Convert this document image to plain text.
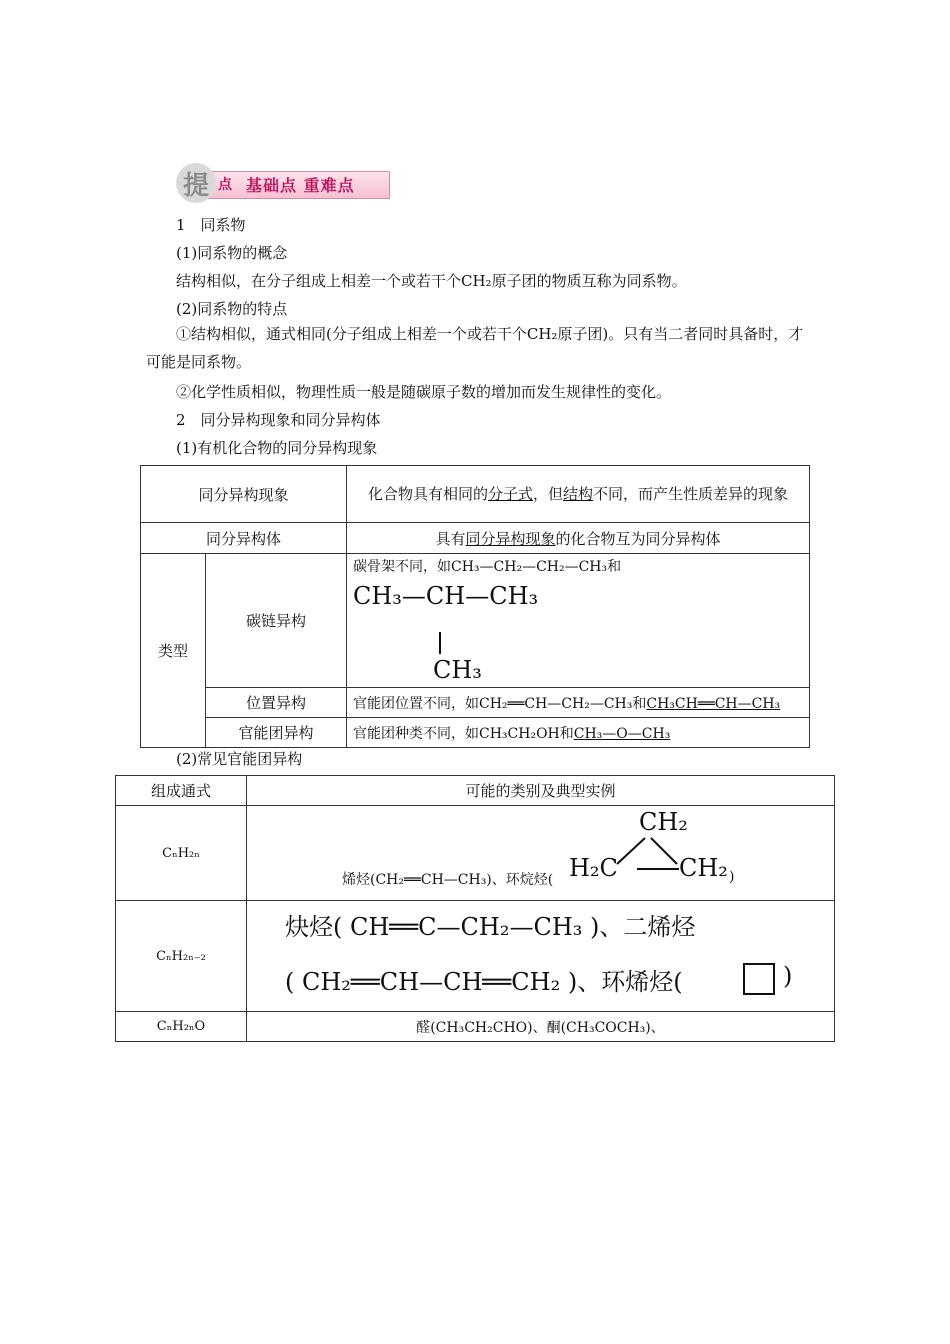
提 点 基础点 重难点
1　同系物
(1)同系物的概念
结构相似，在分子组成上相差一个或若干个CH₂原子团的物质互称为同系物。
(2)同系物的特点
①结构相似，通式相同(分子组成上相差一个或若干个CH₂原子团)。只有当二者同时具备时，才可能是同系物。
②化学性质相似，物理性质一般是随碳原子数的增加而发生规律性的变化。
2　同分异构现象和同分异构体
(1)有机化合物的同分异构现象
同分异构现象		化合物具有相同的分子式，但结构不同，而产生性质差异的现象
同分异构体		具有同分异构现象的化合物互为同分异构体
类型	碳链异构	碳骨架不同，如CH₃—CH₂—CH₂—CH₃和
CH₃—CH—CH₃
CH₃

	位置异构	官能团位置不同，如CH₂══CH—CH₂—CH₃和CH₃CH══CH—CH₃
	官能团异构	官能团种类不同，如CH₃CH₂OH和CH₃—O—CH₃
(2)常见官能团异构
组成通式	可能的类别及典型实例
CₙH₂ₙ	烯烃(CH₂══CH—CH₃)、环烷烃(
CH₂
H₂C CH₂ )

CₙH₂ₙ₋₂	炔烃( CH══C—CH₂—CH₃ )、二烯烃
( CH₂══CH—CH══CH₂ )、环烯烃( )

CₙH₂ₙO	醛(CH₃CH₂CHO)、酮(CH₃COCH₃)、
